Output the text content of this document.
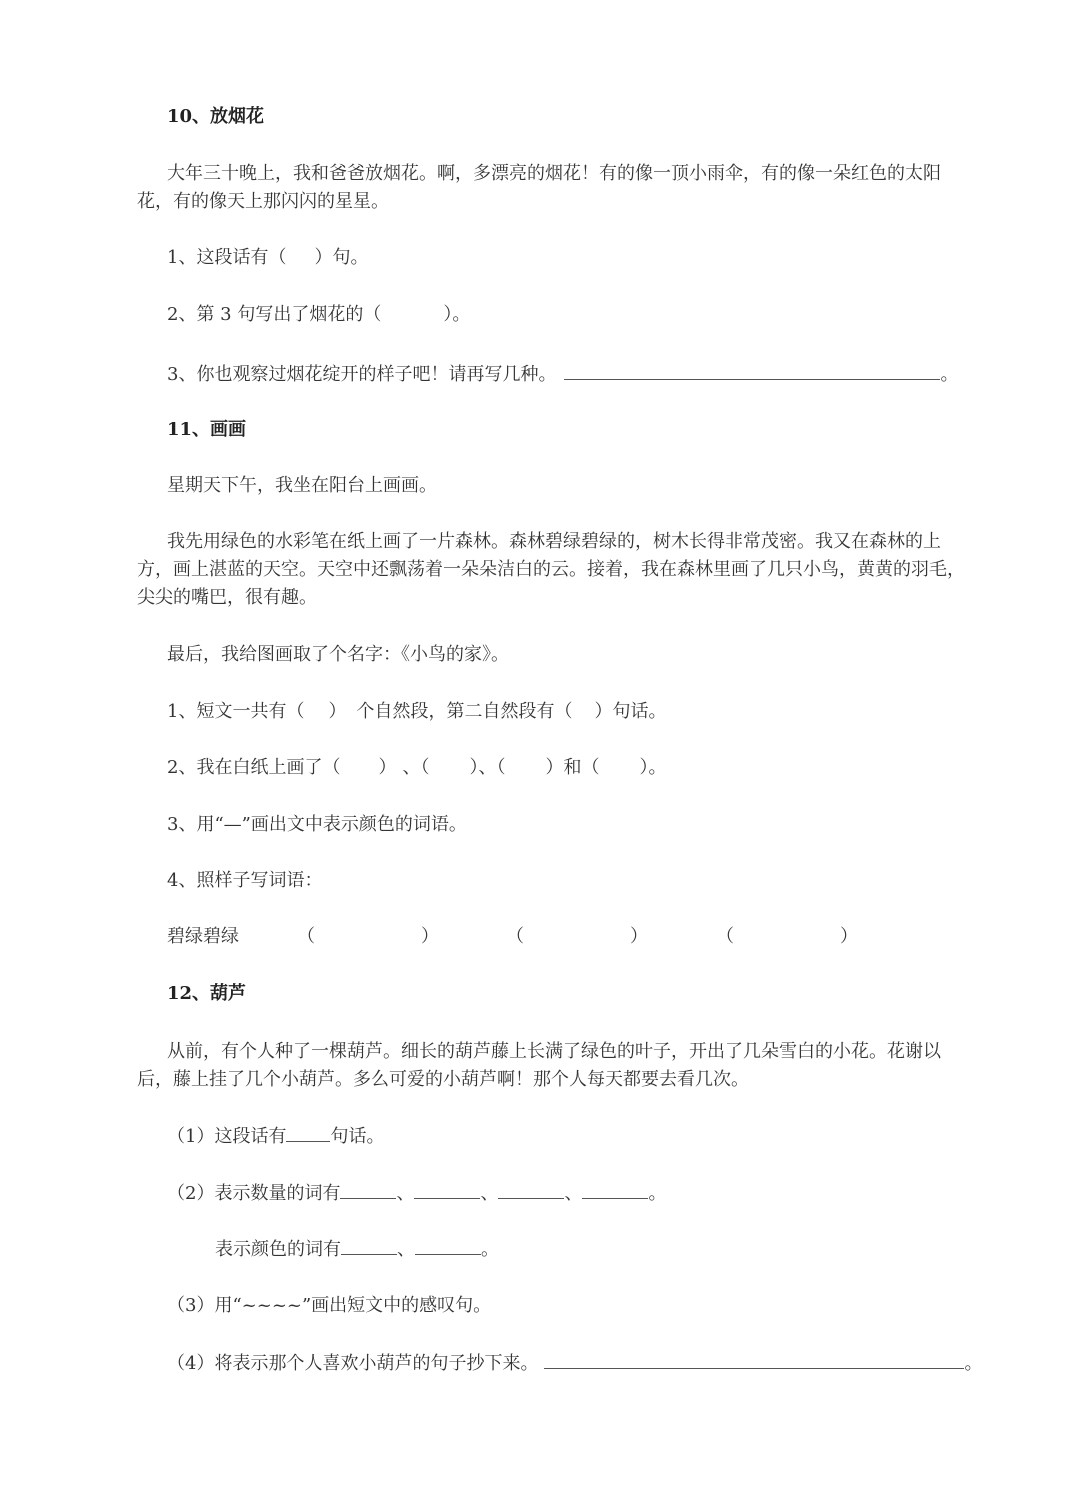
10、放烟花
大年三十晚上，我和爸爸放烟花。啊，多漂亮的烟花！有的像一顶小雨伞，有的像一朵红色的太阳
花，有的像天上那闪闪的星星。
1、这段话有（ ）句。
2、第 3 句写出了烟花的（	）。
3、你也观察过烟花绽开的样子吧！请再写几种。	。
11、画画
星期天下午，我坐在阳台上画画。
我先用绿色的水彩笔在纸上画了一片森林。森林碧绿碧绿的，树木长得非常茂密。我又在森林的上
方，画上湛蓝的天空。天空中还飘荡着一朵朵洁白的云。接着，我在森林里画了几只小鸟，黄黄的羽毛，
尖尖的嘴巴，很有趣。
最后，我给图画取了个名字：《小鸟的家》。
1、短文一共有（ ） 个自然段，第二自然段有（ ）句话。
2、我在白纸上画了（ ） 、（ ）、（ ）和（ ）。
3、用“—”画出文中表示颜色的词语。
4、照样子写词语：
碧绿碧绿	（	）	（	）	（	）
12、葫芦
从前，有个人种了一棵葫芦。细长的葫芦藤上长满了绿色的叶子，开出了几朵雪白的小花。花谢以
后，藤上挂了几个小葫芦。多么可爱的小葫芦啊！那个人每天都要去看几次。
（1）这段话有 句话。
（2）表示数量的词有	、	、	、	。
表示颜色的词有	、	。
（3）用“~~~~”画出短文中的感叹句。
（4）将表示那个人喜欢小葫芦的句子抄下来。	。
